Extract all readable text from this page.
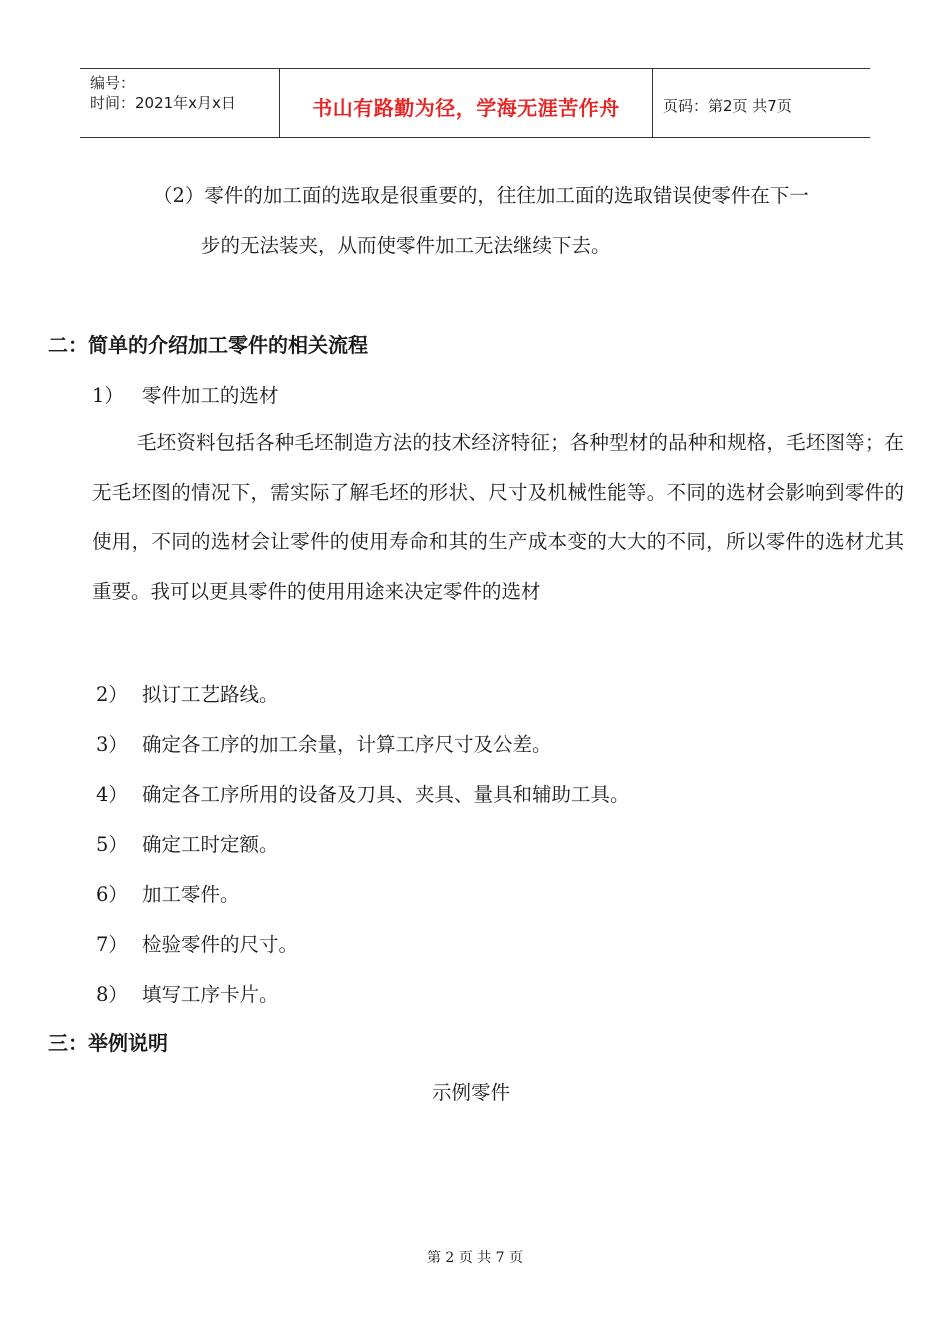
编号：
时间：2021年x月x日	书山有路勤为径，学海无涯苦作舟	页码：第2页 共7页
（2）零件的加工面的选取是很重要的，往往加工面的选取错误使零件在下一
步的无法装夹，从而使零件加工无法继续下去。
二：简单的介绍加工零件的相关流程
1） 零件加工的选材
毛坯资料包括各种毛坯制造方法的技术经济特征；各种型材的品种和规格，毛坯图等；在无毛坯图的情况下，需实际了解毛坯的形状、尺寸及机械性能等。不同的选材会影响到零件的使用，不同的选材会让零件的使用寿命和其的生产成本变的大大的不同，所以零件的选材尤其重要。我可以更具零件的使用用途来决定零件的选材
2） 拟订工艺路线。
3） 确定各工序的加工余量，计算工序尺寸及公差。
4） 确定各工序所用的设备及刀具、夹具、量具和辅助工具。
5） 确定工时定额。
6） 加工零件。
7） 检验零件的尺寸。
8） 填写工序卡片。
三：举例说明
示例零件
第 2 页 共 7 页
